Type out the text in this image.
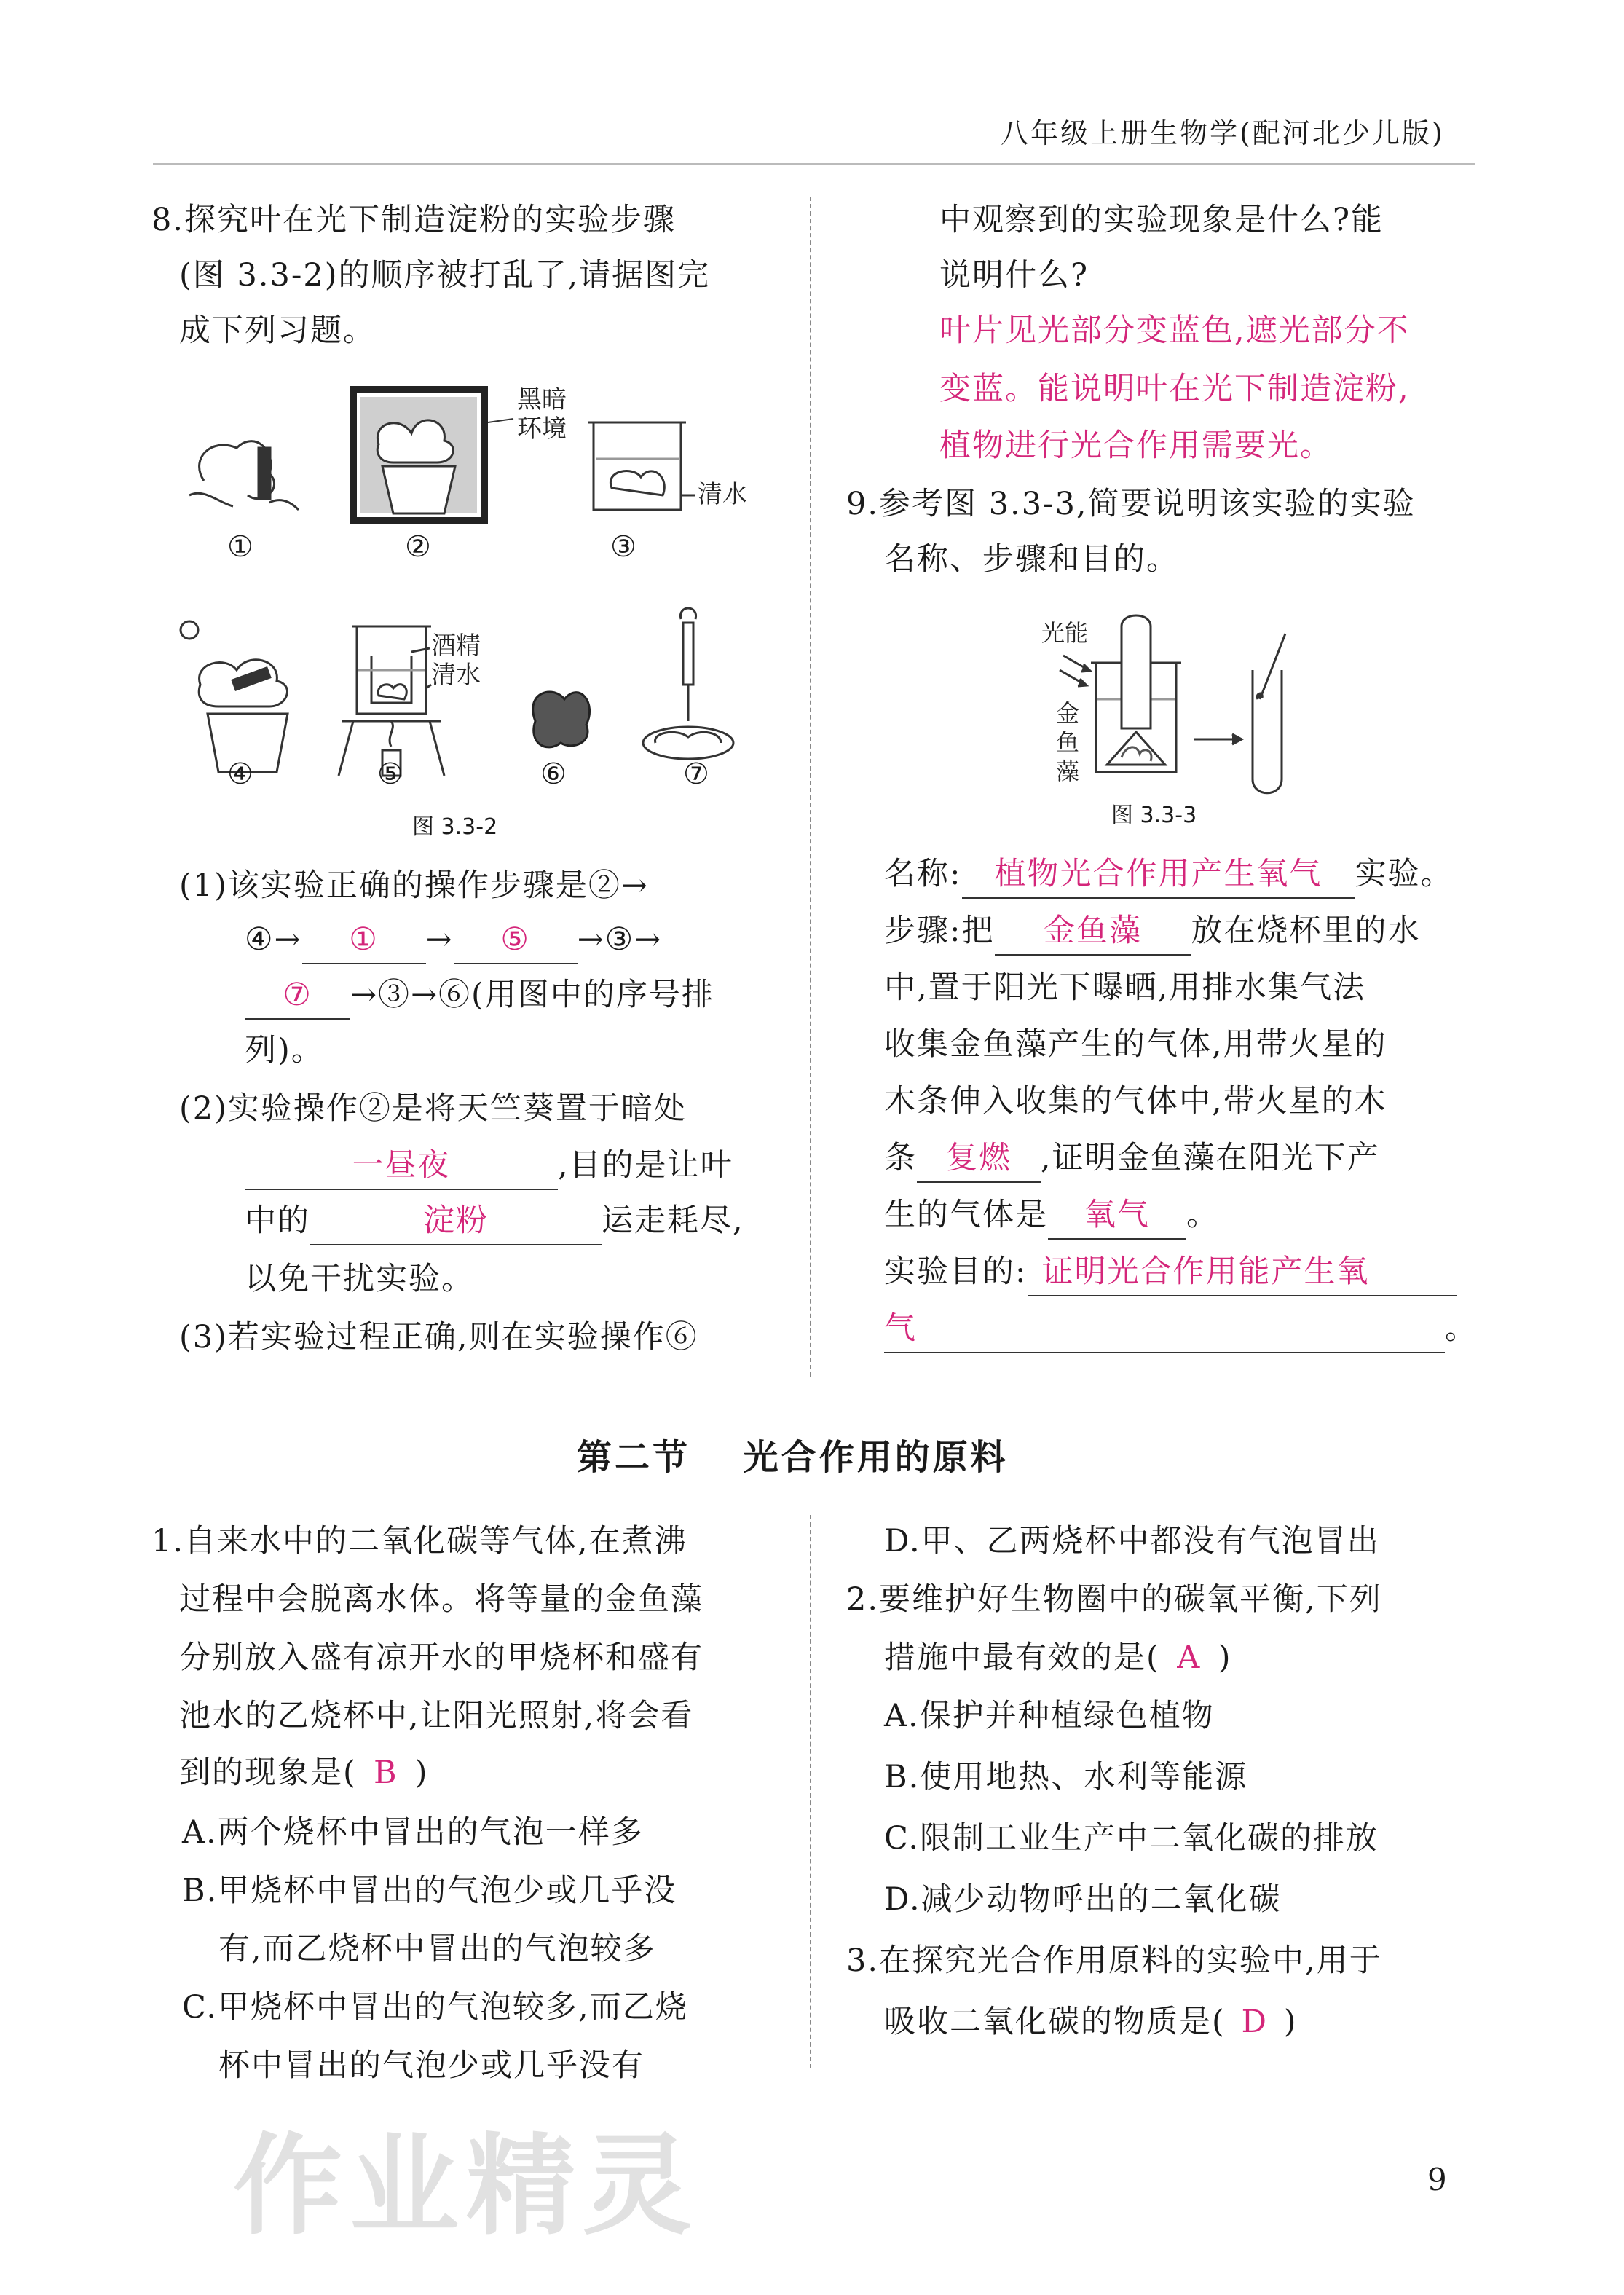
八年级上册生物学(配河北少儿版)
8.探究叶在光下制造淀粉的实验步骤
(图 3.3-2)的顺序被打乱了,请据图完
成下列习题。
黑暗
环境
清水
酒精
清水
①	②	③
④	⑤	⑥	⑦
图 3.3-2
(1)该实验正确的操作步骤是②→
④→ ① → ⑤ →③→
⑦ →③→⑥(用图中的序号排
列)。
(2)实验操作②是将天竺葵置于暗处
一昼夜	,目的是让叶
中的	淀粉	运走耗尽,
以免干扰实验。
(3)若实验过程正确,则在实验操作⑥
中观察到的实验现象是什么?能
说明什么?
叶片见光部分变蓝色,遮光部分不
变蓝。能说明叶在光下制造淀粉,
植物进行光合作用需要光。
9.参考图 3.3-3,简要说明该实验的实验
名称、步骤和目的。
光能
金
鱼
藻
图 3.3-3
名称: 植物光合作用产生氧气 实验。
步骤:把 金鱼藻 放在烧杯里的水
中,置于阳光下曝晒,用排水集气法
收集金鱼藻产生的气体,用带火星的
木条伸入收集的气体中,带火星的木
条 复燃 ,证明金鱼藻在阳光下产
生的气体是 氧气 。
实验目的: 证明光合作用能产生氧
气	。
第二节　 光合作用的原料
1.自来水中的二氧化碳等气体,在煮沸
过程中会脱离水体。将等量的金鱼藻
分别放入盛有凉开水的甲烧杯和盛有
池水的乙烧杯中,让阳光照射,将会看
到的现象是( B )
A.两个烧杯中冒出的气泡一样多
B.甲烧杯中冒出的气泡少或几乎没
有,而乙烧杯中冒出的气泡较多
C.甲烧杯中冒出的气泡较多,而乙烧
杯中冒出的气泡少或几乎没有
D.甲、乙两烧杯中都没有气泡冒出
2.要维护好生物圈中的碳氧平衡,下列
措施中最有效的是( A )
A.保护并种植绿色植物
B.使用地热、水利等能源
C.限制工业生产中二氧化碳的排放
D.减少动物呼出的二氧化碳
3.在探究光合作用原料的实验中,用于
吸收二氧化碳的物质是( D )
作业精灵	9
